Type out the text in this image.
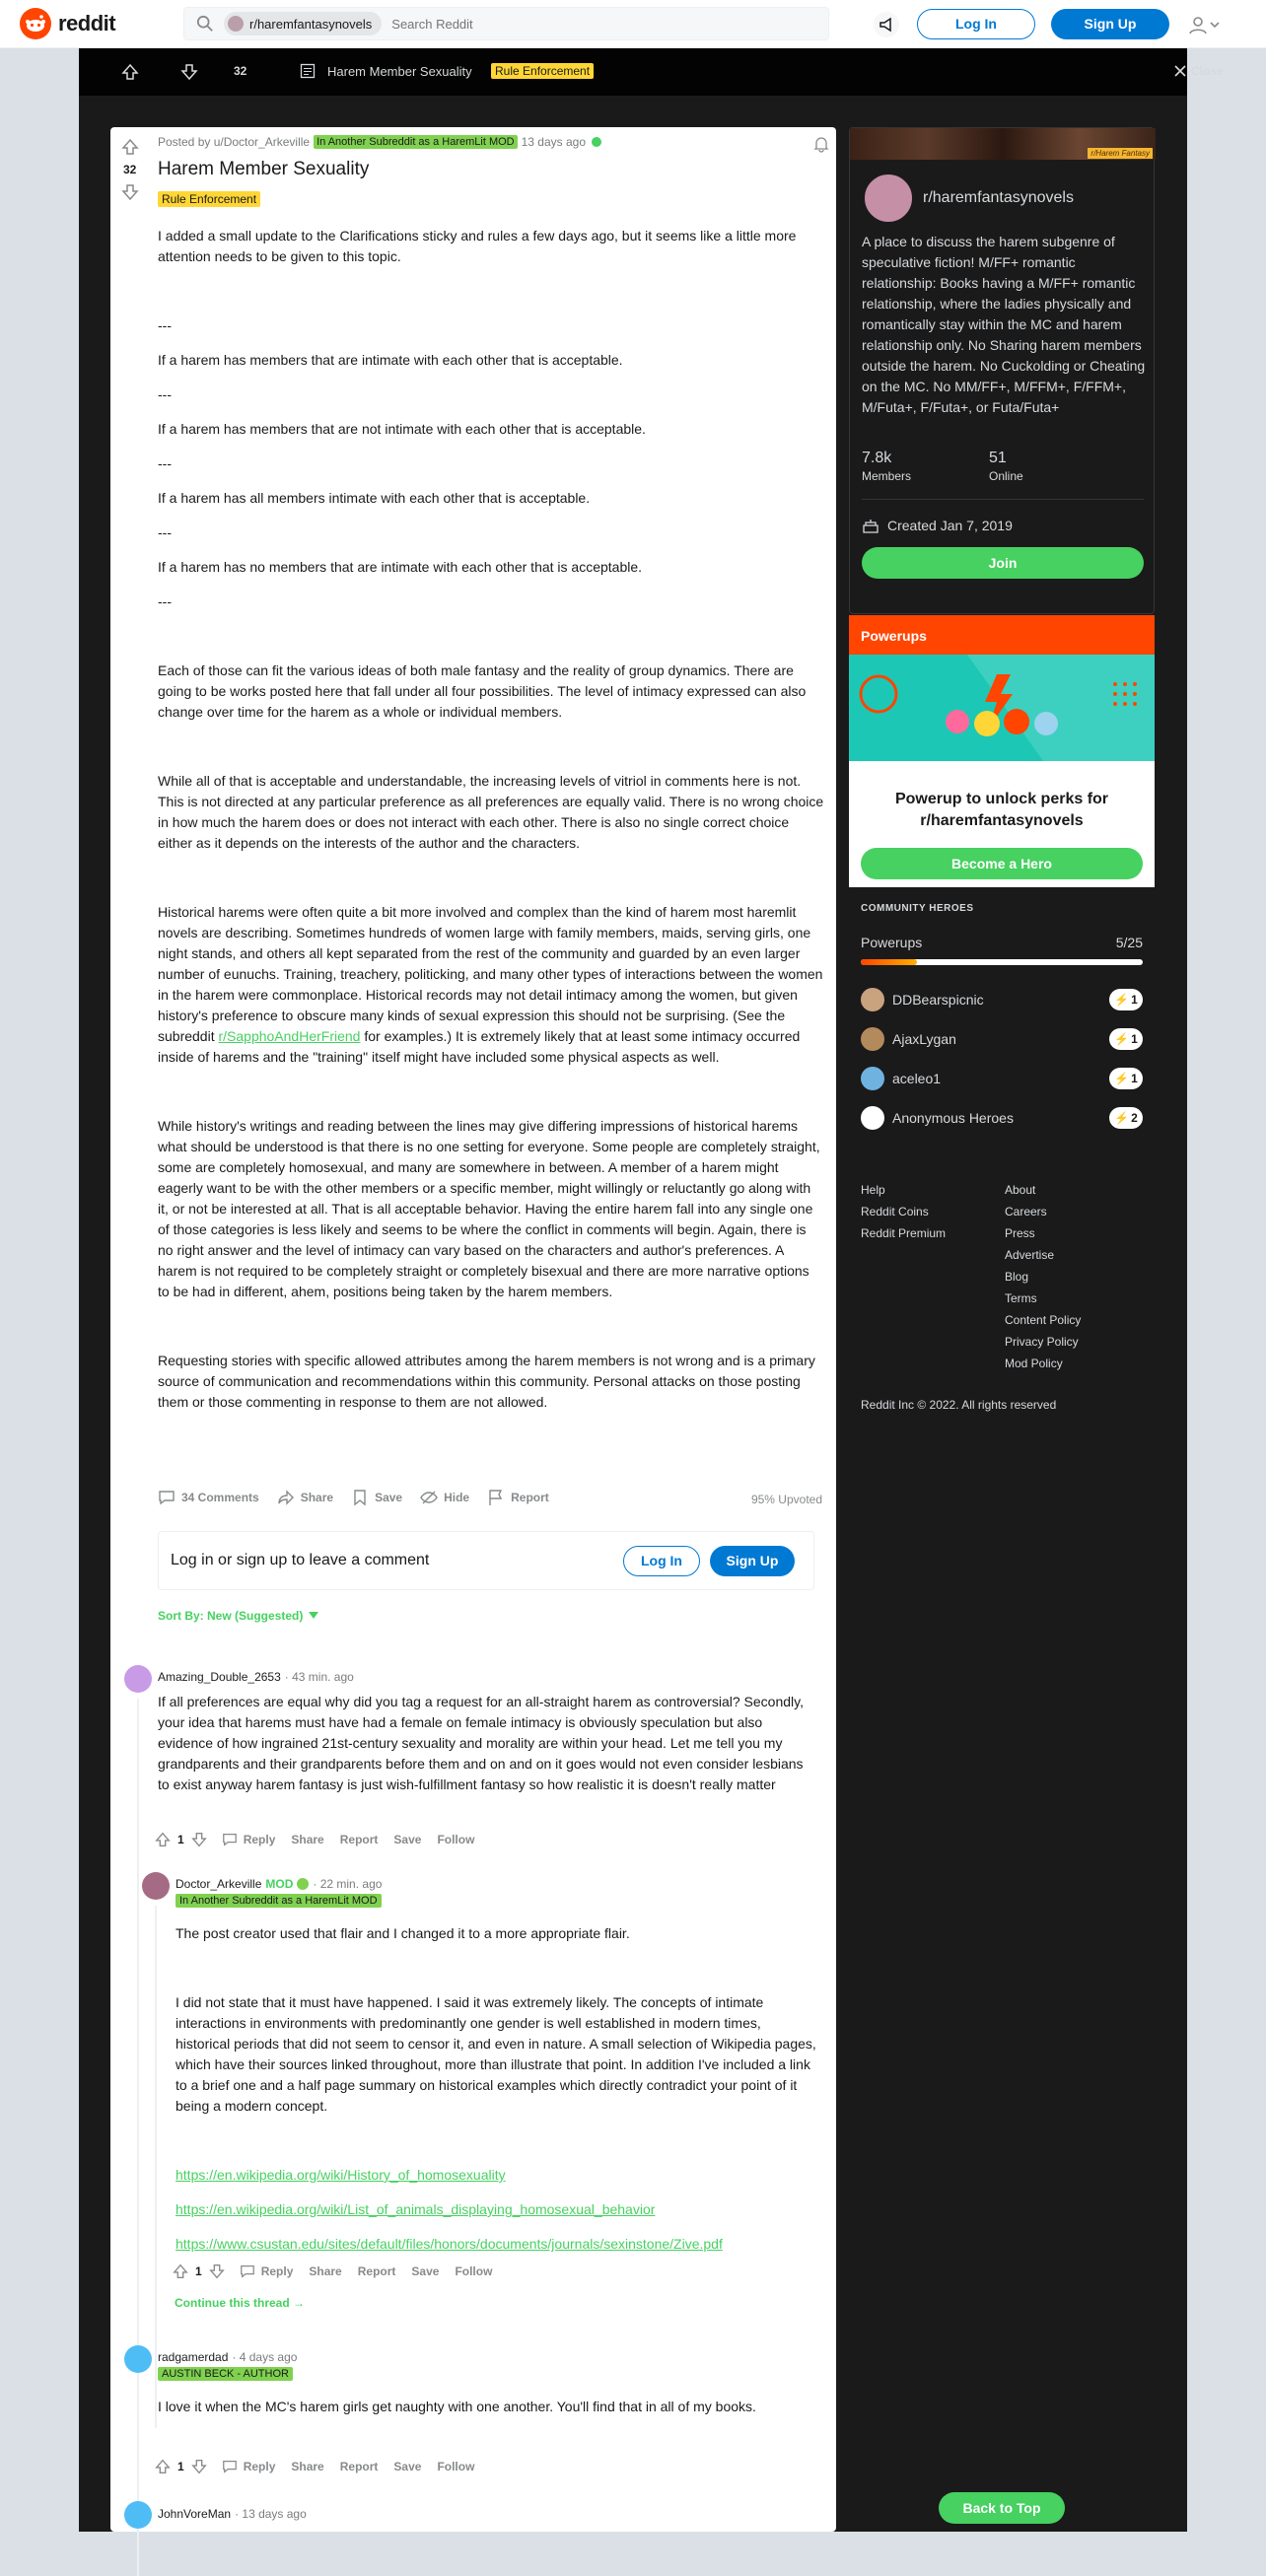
reddit	r/haremfantasynovels
Search Reddit	Log In	Sign Up
32	Harem Member Sexuality	Rule Enforcement	Close
32
Posted by u/Doctor_Arkeville In Another Subreddit as a HaremLit MOD 13 days ago
Harem Member Sexuality
Rule Enforcement

I added a small update to the Clarifications sticky and rules a few days ago, but it seems like a little more attention needs to be given to this topic.

---

If a harem has members that are intimate with each other that is acceptable.

---

If a harem has members that are not intimate with each other that is acceptable.

---

If a harem has all members intimate with each other that is acceptable.

---

If a harem has no members that are intimate with each other that is acceptable.

---

Each of those can fit the various ideas of both male fantasy and the reality of group dynamics. There are going to be works posted here that fall under all four possibilities. The level of intimacy expressed can also change over time for the harem as a whole or individual members.

While all of that is acceptable and understandable, the increasing levels of vitriol in comments here is not. This is not directed at any particular preference as all preferences are equally valid. There is no wrong choice in how much the harem does or does not interact with each other. There is also no single correct choice either as it depends on the interests of the author and the characters.

Historical harems were often quite a bit more involved and complex than the kind of harem most haremlit novels are describing. Sometimes hundreds of women large with family members, maids, serving girls, one night stands, and others all kept separated from the rest of the community and guarded by an even larger number of eunuchs. Training, treachery, politicking, and many other types of interactions between the women in the harem were commonplace. Historical records may not detail intimacy among the women, but given history's preference to obscure many kinds of sexual expression this should not be surprising. (See the subreddit r/SapphoAndHerFriend for examples.) It is extremely likely that at least some intimacy occurred inside of harems and the "training" itself might have included some physical aspects as well.

While history's writings and reading between the lines may give differing impressions of historical harems what should be understood is that there is no one setting for everyone. Some people are completely straight, some are completely homosexual, and many are somewhere in between. A member of a harem might eagerly want to be with the other members or a specific member, might willingly or reluctantly go along with it, or not be interested at all. That is all acceptable behavior. Having the entire harem fall into any single one of those categories is less likely and seems to be where the conflict in comments will begin. Again, there is no right answer and the level of intimacy can vary based on the characters and author's preferences. A harem is not required to be completely straight or completely bisexual and there are more narrative options to be had in different, ahem, positions being taken by the harem members.

Requesting stories with specific allowed attributes among the harem members is not wrong and is a primary source of communication and recommendations within this community. Personal attacks on those posting them or those commenting in response to them are not allowed.

34 Comments	Share	Save	Hide	Report	95% Upvoted
Log in or sign up to leave a comment	Log In	Sign Up
Sort By: New (Suggested)
Amazing_Double_2653 · 43 min. ago
If all preferences are equal why did you tag a request for an all-straight harem as controversial? Secondly, your idea that harems must have had a female on female intimacy is obviously speculation but also evidence of how ingrained 21st-century sexuality and morality are within your head. Let me tell you my grandparents and their grandparents before them and on and on it goes would not even consider lesbians to exist anyway harem fantasy is just wish-fulfillment fantasy so how realistic it is doesn't really matter
1	Reply Share Report Save Follow
Doctor_Arkeville MOD · 22 min. ago
In Another Subreddit as a HaremLit MOD

The post creator used that flair and I changed it to a more appropriate flair.

I did not state that it must have happened. I said it was extremely likely. The concepts of intimate interactions in environments with predominantly one gender is well established in modern times, historical periods that did not seem to censor it, and even in nature. A small selection of Wikipedia pages, which have their sources linked throughout, more than illustrate that point. In addition I've included a link to a brief one and a half page summary on historical examples which directly contradict your point of it being a modern concept.

https://en.wikipedia.org/wiki/History_of_homosexuality

https://en.wikipedia.org/wiki/List_of_animals_displaying_homosexual_behavior

https://www.csustan.edu/sites/default/files/honors/documents/journals/sexinstone/Zive.pdf

1	Reply Share Report Save Follow
Continue this thread →
radgamerdad · 4 days ago
AUSTIN BECK - AUTHOR
I love it when the MC's harem girls get naughty with one another. You'll find that in all of my books.
1	Reply Share Report Save Follow
JohnVoreMan · 13 days ago
r/Harem Fantasy
r/haremfantasynovels
A place to discuss the harem subgenre of speculative fiction! M/FF+ romantic relationship: Books having a M/FF+ romantic relationship, where the ladies physically and romantically stay within the MC and harem relationship only. No Sharing harem members outside the harem. No Cuckolding or Cheating on the MC. No MM/FF+, M/FFM+, F/FFM+, M/Futa+, F/Futa+, or Futa/Futa+
7.8k
Members
51
Online
Created Jan 7, 2019
Join
Powerups
Powerup to unlock perks for r/haremfantasynovels
Become a Hero
COMMUNITY HEROES
Powerups	5/25
DDBearspicnic	⚡ 1
AjaxLygan	⚡ 1
aceleo1	⚡ 1
Anonymous Heroes	⚡ 2
Help
Reddit Coins
Reddit Premium
About
Careers
Press
Advertise
Blog
Terms
Content Policy
Privacy Policy
Mod Policy
Reddit Inc © 2022. All rights reserved
Back to Top
